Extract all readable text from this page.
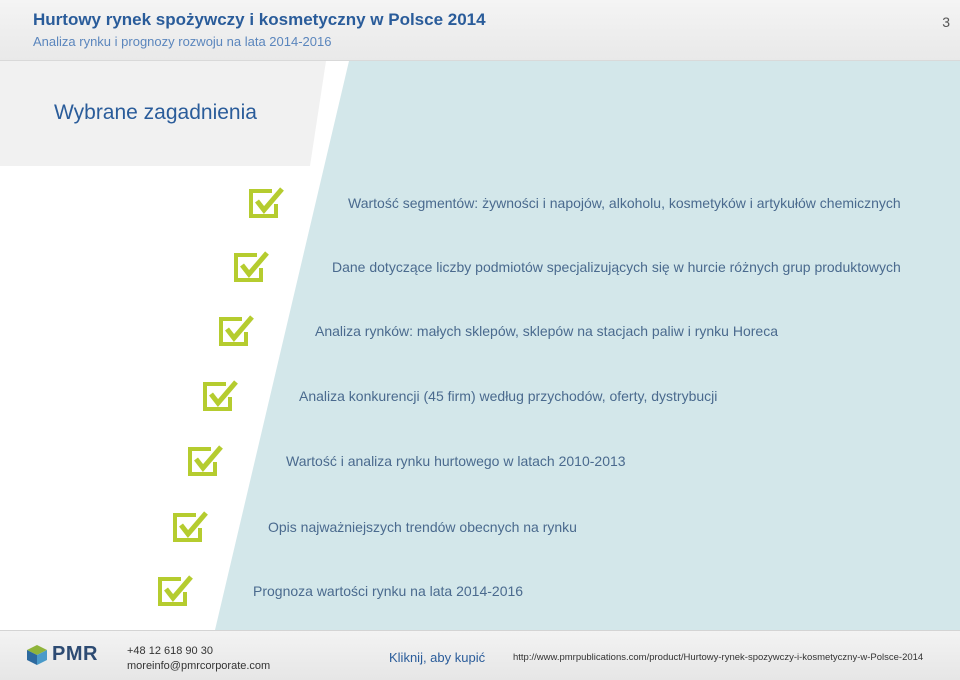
Hurtowy rynek spożywczy i kosmetyczny w Polsce 2014
Analiza rynku i prognozy rozwoju na lata 2014-2016
3
Wybrane zagadnienia
Wartość segmentów: żywności i napojów, alkoholu, kosmetyków i artykułów chemicznych
Dane dotyczące liczby podmiotów specjalizujących się w hurcie różnych grup produktowych
Analiza rynków: małych sklepów, sklepów na stacjach paliw i rynku Horeca
Analiza konkurencji (45 firm) według przychodów, oferty, dystrybucji
Wartość i analiza rynku hurtowego w latach 2010-2013
Opis najważniejszych trendów obecnych na rynku
Prognoza wartości rynku na lata 2014-2016
PMR	+48 12 618 90 30
moreinfo@pmrcorporate.com
Kliknij, aby kupić	http://www.pmrpublications.com/product/Hurtowy-rynek-spozywczy-i-kosmetyczny-w-Polsce-2014
